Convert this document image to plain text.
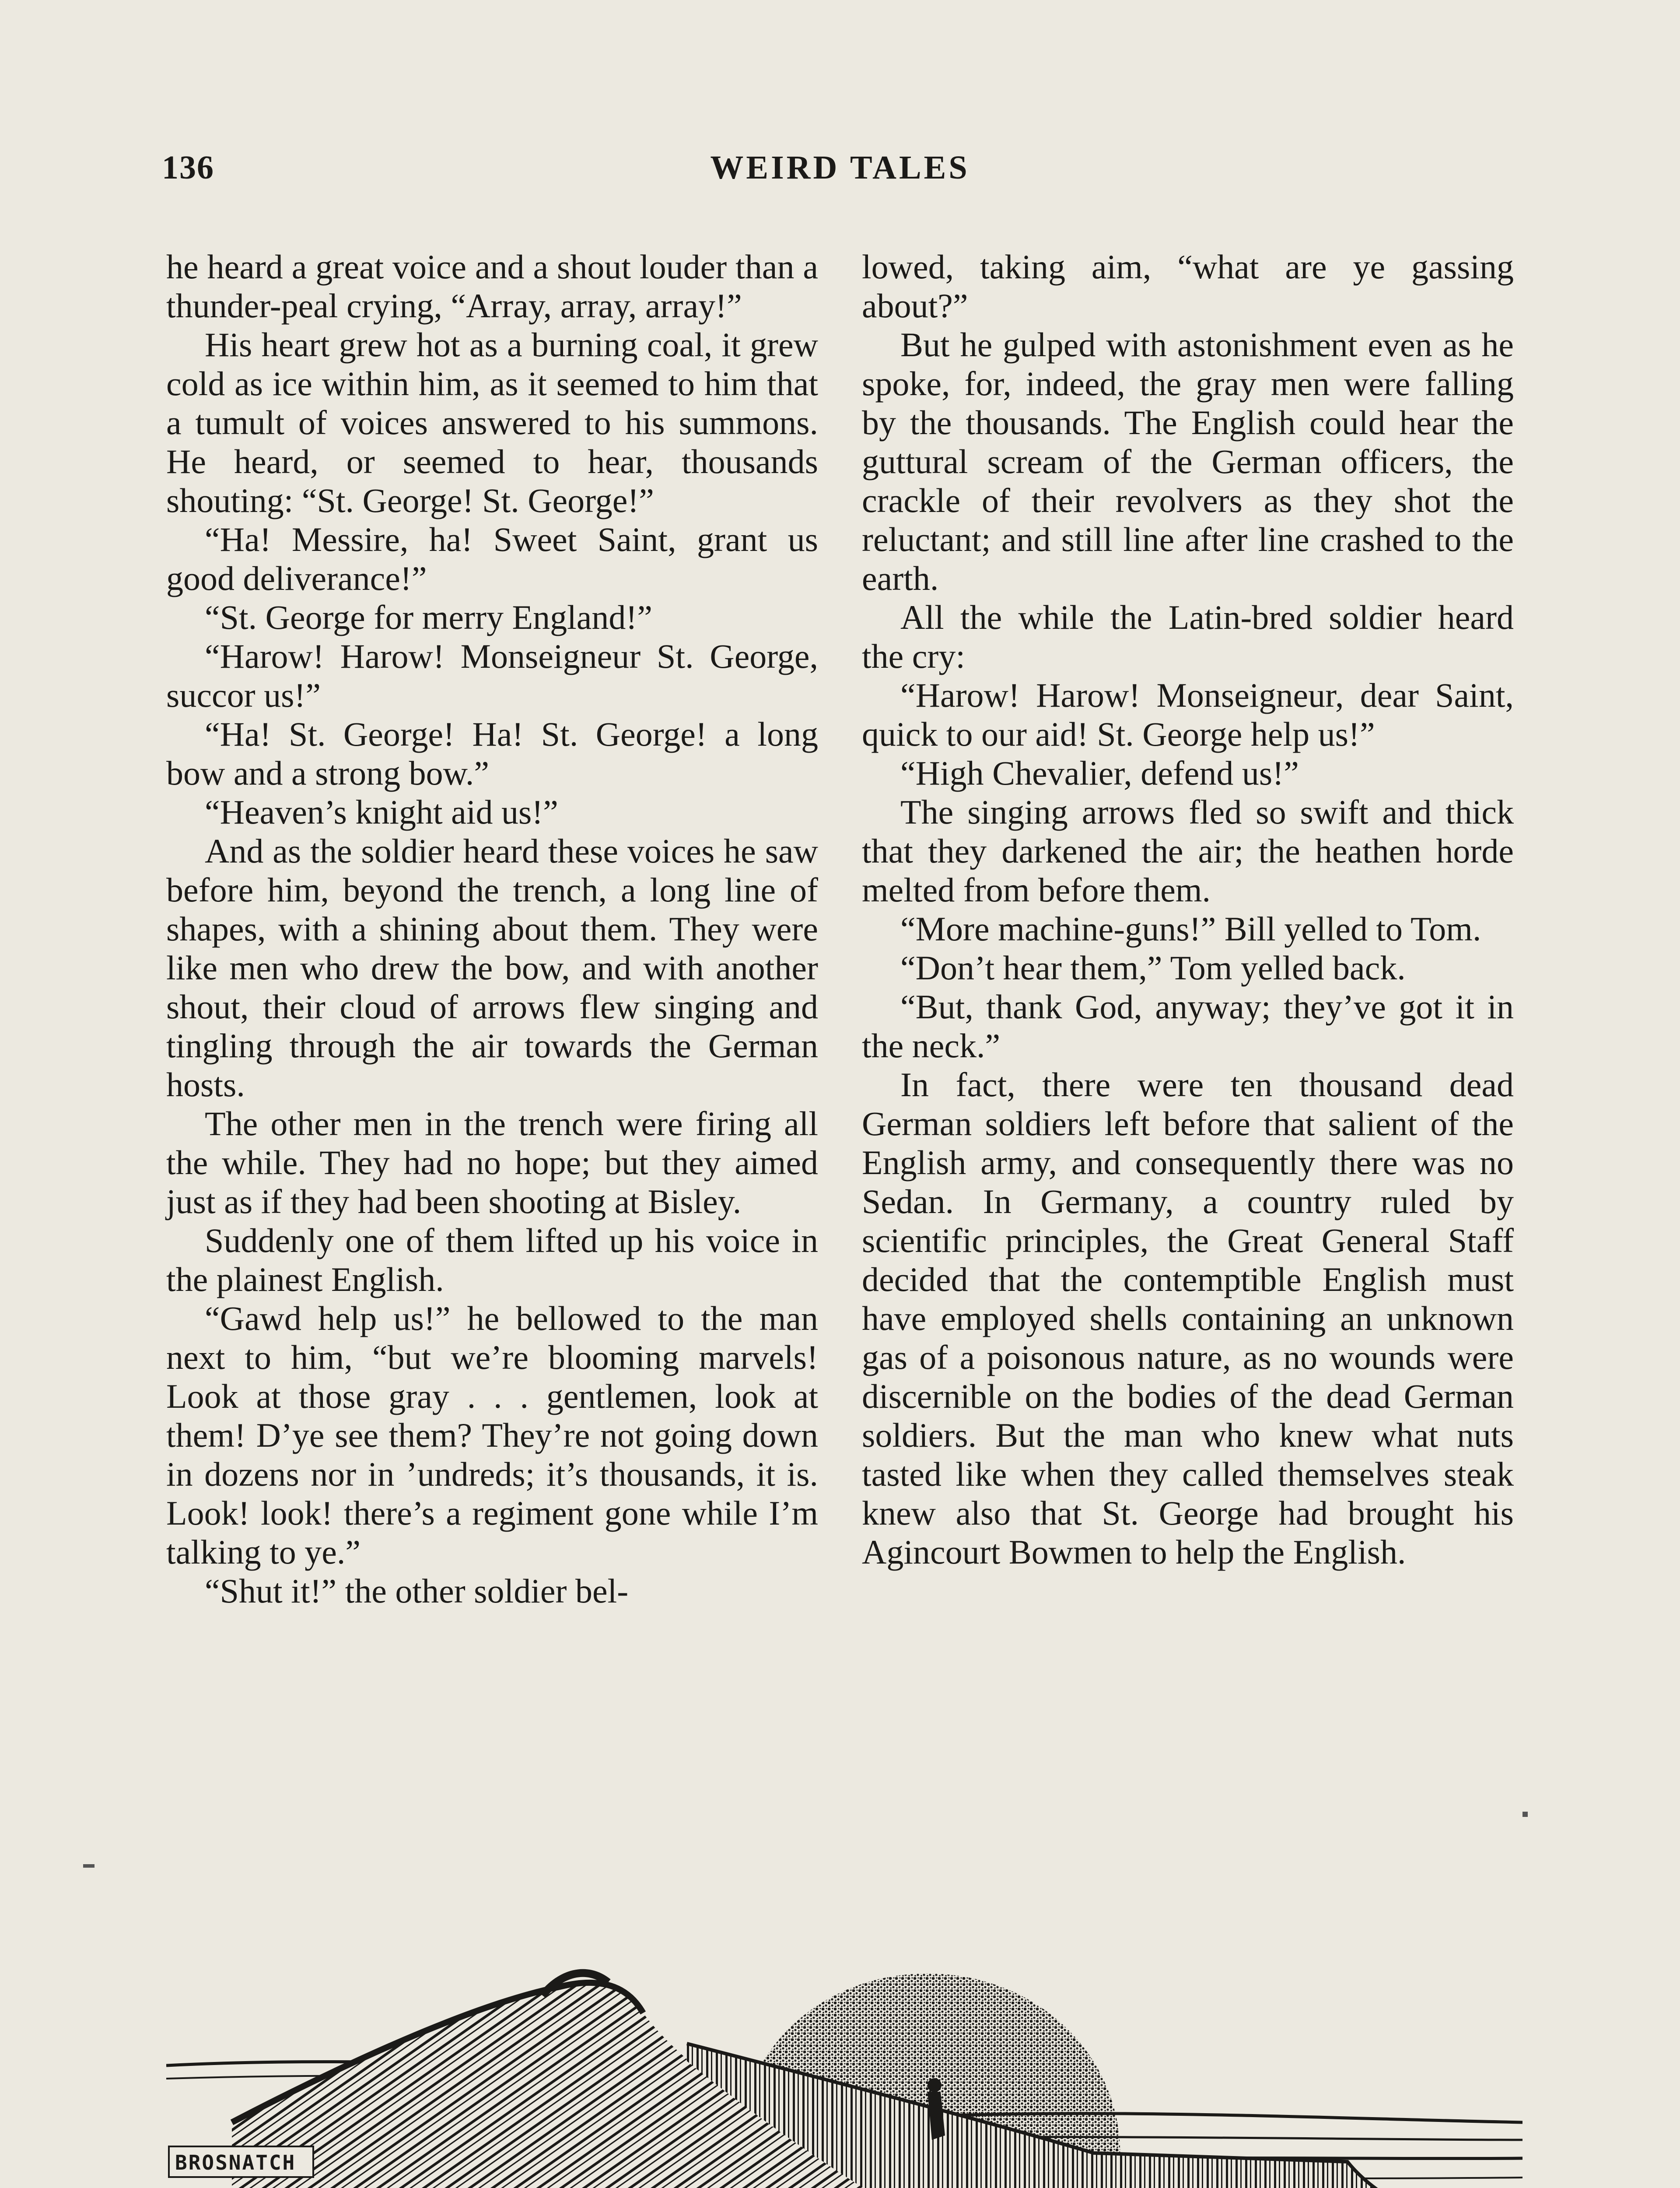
136	WEIRD TALES

he heard a great voice and a shout louder than a thunder-peal crying, “Array, array, array!”

His heart grew hot as a burning coal, it grew cold as ice within him, as it seemed to him that a tumult of voices answered to his summons. He heard, or seemed to hear, thousands shouting: “St. George! St. George!”

“Ha! Messire, ha! Sweet Saint, grant us good deliverance!”

“St. George for merry England!”

“Harow! Harow! Monseigneur St. George, succor us!”

“Ha! St. George! Ha! St. George! a long bow and a strong bow.”

“Heaven’s knight aid us!”

And as the soldier heard these voices he saw before him, beyond the trench, a long line of shapes, with a shining about them. They were like men who drew the bow, and with another shout, their cloud of arrows flew singing and tingling through the air towards the German hosts.

The other men in the trench were firing all the while. They had no hope; but they aimed just as if they had been shooting at Bisley.

Suddenly one of them lifted up his voice in the plainest English.

“Gawd help us!” he bellowed to the man next to him, “but we’re blooming marvels! Look at those gray . . . gentlemen, look at them! D’ye see them? They’re not going down in dozens nor in ’undreds; it’s thousands, it is. Look! look! there’s a regiment gone while I’m talking to ye.”

“Shut it!” the other soldier bel-

lowed, taking aim, “what are ye gassing about?”

But he gulped with astonishment even as he spoke, for, indeed, the gray men were falling by the thousands. The English could hear the guttural scream of the German officers, the crackle of their revolvers as they shot the reluctant; and still line after line crashed to the earth.

All the while the Latin-bred soldier heard the cry:

“Harow! Harow! Monseigneur, dear Saint, quick to our aid! St. George help us!”

“High Chevalier, defend us!”

The singing arrows fled so swift and thick that they darkened the air; the heathen horde melted from before them.

“More machine-guns!” Bill yelled to Tom.

“Don’t hear them,” Tom yelled back.

“But, thank God, anyway; they’ve got it in the neck.”

In fact, there were ten thousand dead German soldiers left before that salient of the English army, and consequently there was no Sedan. In Germany, a country ruled by scientific principles, the Great General Staff decided that the contemptible English must have employed shells containing an unknown gas of a poisonous nature, as no wounds were discernible on the bodies of the dead German soldiers. But the man who knew what nuts tasted like when they called themselves steak knew also that St. George had brought his Agincourt Bowmen to help the English.

BROSNATCH
